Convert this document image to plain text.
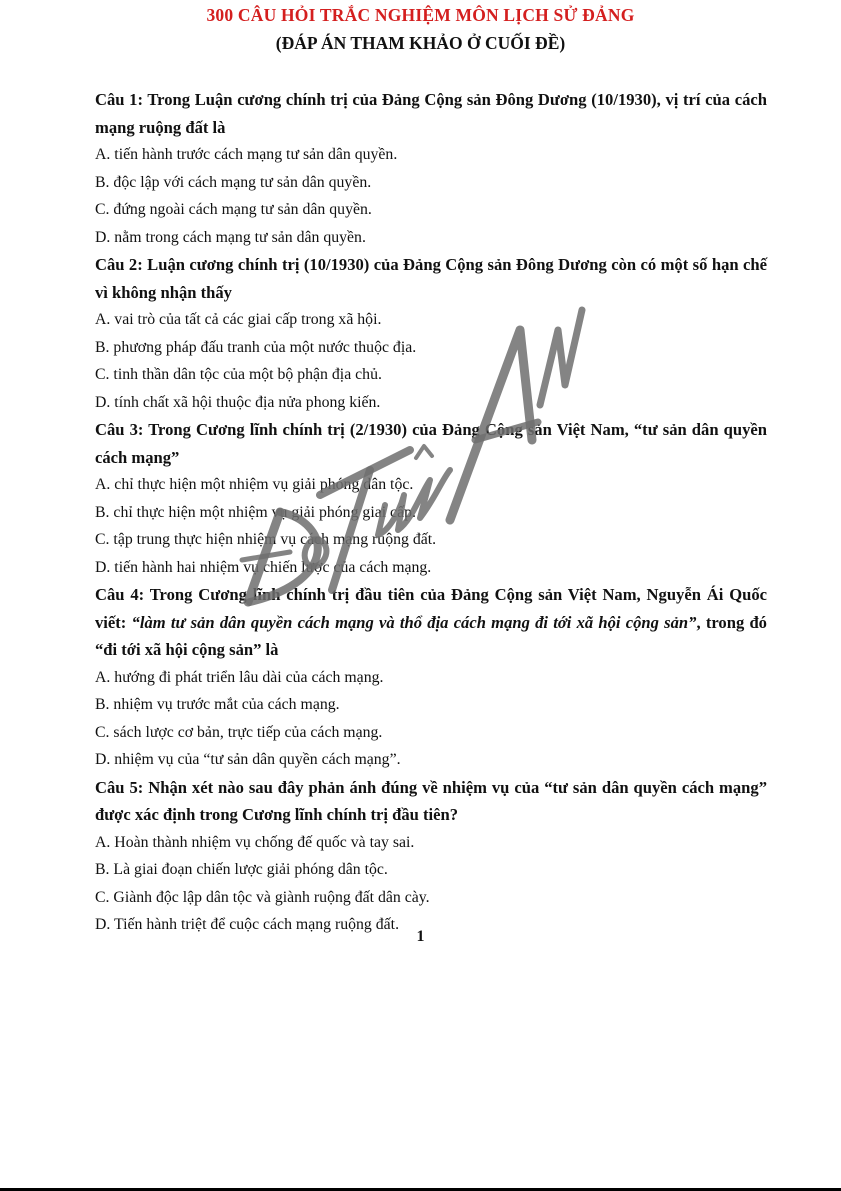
300 CÂU HỎI TRẮC NGHIỆM MÔN LỊCH SỬ ĐẢNG
(ĐÁP ÁN THAM KHẢO Ở CUỐI ĐỀ)

Câu 1: Trong Luận cương chính trị của Đảng Cộng sản Đông Dương (10/1930), vị trí của cách mạng ruộng đất là

A. tiến hành trước cách mạng tư sản dân quyền.

B. độc lập với cách mạng tư sản dân quyền.

C. đứng ngoài cách mạng tư sản dân quyền.

D. nằm trong cách mạng tư sản dân quyền.

Câu 2: Luận cương chính trị (10/1930) của Đảng Cộng sản Đông Dương còn có một số hạn chế vì không nhận thấy

A. vai trò của tất cả các giai cấp trong xã hội.

B. phương pháp đấu tranh của một nước thuộc địa.

C. tinh thần dân tộc của một bộ phận địa chủ.

D. tính chất xã hội thuộc địa nửa phong kiến.

Câu 3: Trong Cương lĩnh chính trị (2/1930) của Đảng Cộng sản Việt Nam, “tư sản dân quyền cách mạng”

A. chỉ thực hiện một nhiệm vụ giải phóng dân tộc.

B. chỉ thực hiện một nhiệm vụ giải phóng giai cấp.

C. tập trung thực hiện nhiệm vụ cách mạng ruộng đất.

D. tiến hành hai nhiệm vụ chiến lược của cách mạng.

Câu 4: Trong Cương lĩnh chính trị đầu tiên của Đảng Cộng sản Việt Nam, Nguyễn Ái Quốc viết: “làm tư sản dân quyền cách mạng và thổ địa cách mạng đi tới xã hội cộng sản”, trong đó “đi tới xã hội cộng sản” là

A. hướng đi phát triển lâu dài của cách mạng.

B. nhiệm vụ trước mắt của cách mạng.

C. sách lược cơ bản, trực tiếp của cách mạng.

D. nhiệm vụ của “tư sản dân quyền cách mạng”.

Câu 5: Nhận xét nào sau đây phản ánh đúng về nhiệm vụ của “tư sản dân quyền cách mạng” được xác định trong Cương lĩnh chính trị đầu tiên?

A. Hoàn thành nhiệm vụ chống đế quốc và tay sai.

B. Là giai đoạn chiến lược giải phóng dân tộc.

C. Giành độc lập dân tộc và giành ruộng đất dân cày.

D. Tiến hành triệt để cuộc cách mạng ruộng đất.

1
